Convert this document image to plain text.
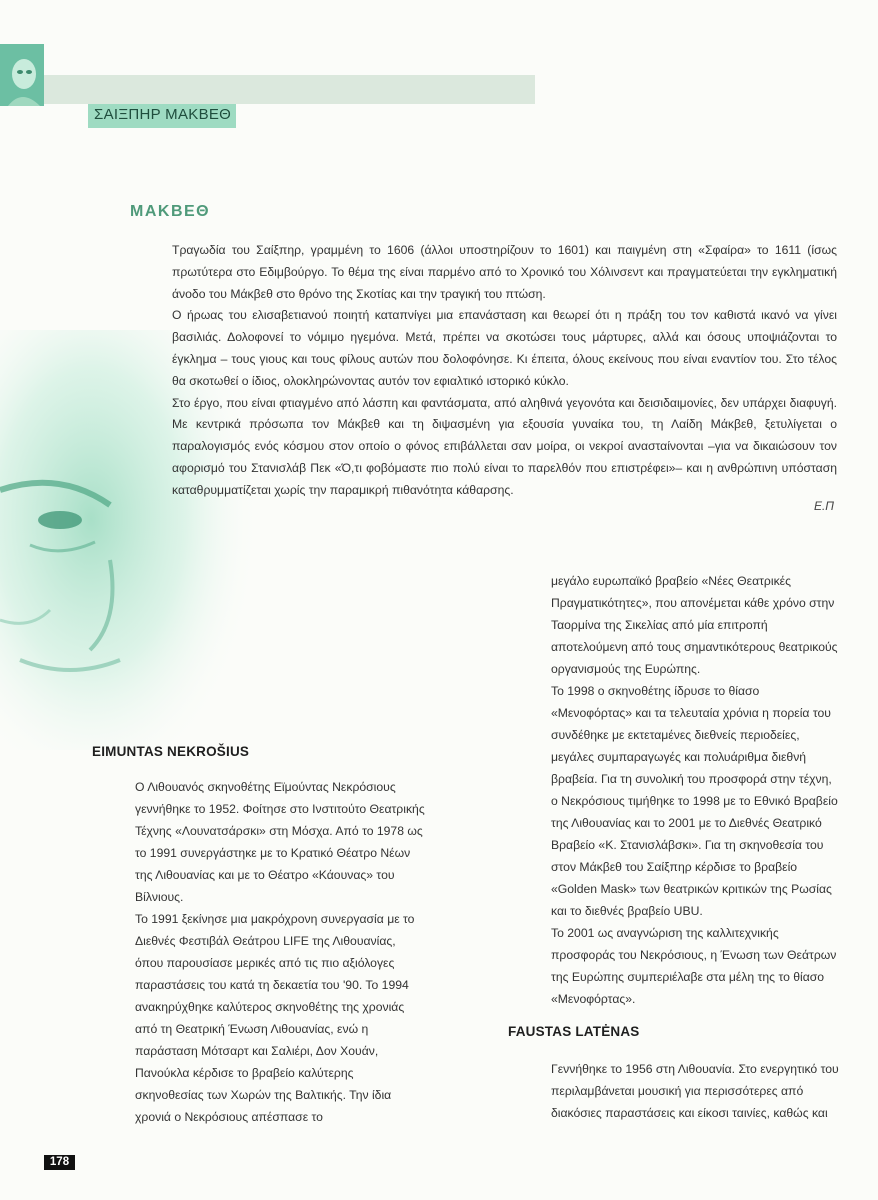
ΣΑΙΞΠΗΡ ΜΑΚΒΕΘ
ΜΑΚΒΕΘ

Τραγωδία του Σαίξπηρ, γραμμένη το 1606 (άλλοι υποστηρίζουν το 1601) και παιγμένη στη «Σφαίρα» το 1611 (ίσως πρωτύτερα στο Εδιμβούργο. Το θέμα της είναι παρμένο από το Χρονικό του Χόλινσεντ και πραγματεύεται την εγκληματική άνοδο του Μάκβεθ στο θρόνο της Σκοτίας και την τραγική του πτώση.

Ο ήρωας του ελισαβετιανού ποιητή καταπνίγει μια επανάσταση και θεωρεί ότι η πράξη του τον καθιστά ικανό να γίνει βασιλιάς. Δολοφονεί το νόμιμο ηγεμόνα. Μετά, πρέπει να σκοτώσει τους μάρτυρες, αλλά και όσους υποψιάζονται το έγκλημα – τους γιους και τους φίλους αυτών που δολοφόνησε. Κι έπειτα, όλους εκείνους που είναι εναντίον του. Στο τέλος θα σκοτωθεί ο ίδιος, ολοκληρώνοντας αυτόν τον εφιαλτικό ιστορικό κύκλο.

Στο έργο, που είναι φτιαγμένο από λάσπη και φαντάσματα, από αληθινά γεγονότα και δεισιδαιμονίες, δεν υπάρχει διαφυγή. Με κεντρικά πρόσωπα τον Μάκβεθ και τη διψασμένη για εξουσία γυναίκα του, τη Λαίδη Μάκβεθ, ξετυλίγεται ο παραλογισμός ενός κόσμου στον οποίο ο φόνος επιβάλλεται σαν μοίρα, οι νεκροί ανασταίνονται –για να δικαιώσουν τον αφορισμό του Στανισλάβ Πεκ «Ό,τι φοβόμαστε πιο πολύ είναι το παρελθόν που επιστρέφει»– και η ανθρώπινη υπόσταση καταθρυμματίζεται χωρίς την παραμικρή πιθανότητα κάθαρσης.

Ε.Π
EIMUNTAS NEKROŠIUS

Ο Λιθουανός σκηνοθέτης Εϊμούντας Νεκρόσιους γεννήθηκε το 1952. Φοίτησε στο Ινστιτούτο Θεατρικής Τέχνης «Λουνατσάρσκι» στη Μόσχα. Από το 1978 ως το 1991 συνεργάστηκε με το Κρατικό Θέατρο Νέων της Λιθουανίας και με το Θέατρο «Κάουνας» του Βίλνιους.

Το 1991 ξεκίνησε μια μακρόχρονη συνεργασία με το Διεθνές Φεστιβάλ Θεάτρου LIFE της Λιθουανίας, όπου παρουσίασε μερικές από τις πιο αξιόλογες παραστάσεις του κατά τη δεκαετία του '90. Το 1994 ανακηρύχθηκε καλύτερος σκηνοθέτης της χρονιάς από τη Θεατρική Ένωση Λιθουανίας, ενώ η παράσταση Μότσαρτ και Σαλιέρι, Δον Χουάν, Πανούκλα κέρδισε το βραβείο καλύτερης σκηνοθεσίας των Χωρών της Βαλτικής. Την ίδια χρονιά ο Νεκρόσιους απέσπασε το

μεγάλο ευρωπαϊκό βραβείο «Νέες Θεατρικές Πραγματικότητες», που απονέμεται κάθε χρόνο στην Ταορμίνα της Σικελίας από μία επιτροπή αποτελούμενη από τους σημαντικότερους θεατρικούς οργανισμούς της Ευρώπης.

Το 1998 ο σκηνοθέτης ίδρυσε το θίασο «Μενοφόρτας» και τα τελευταία χρόνια η πορεία του συνδέθηκε με εκτεταμένες διεθνείς περιοδείες, μεγάλες συμπαραγωγές και πολυάριθμα διεθνή βραβεία. Για τη συνολική του προσφορά στην τέχνη, ο Νεκρόσιους τιμήθηκε το 1998 με το Εθνικό Βραβείο της Λιθουανίας και το 2001 με το Διεθνές Θεατρικό Βραβείο «Κ. Στανισλάβσκι». Για τη σκηνοθεσία του στον Μάκβεθ του Σαίξπηρ κέρδισε το βραβείο «Golden Mask» των θεατρικών κριτικών της Ρωσίας και το διεθνές βραβείο UBU.

Το 2001 ως αναγνώριση της καλλιτεχνικής προσφοράς του Νεκρόσιους, η Ένωση των Θεάτρων της Ευρώπης συμπεριέλαβε στα μέλη της το θίασο «Μενοφόρτας».

FAUSTAS LATĖNAS

Γεννήθηκε το 1956 στη Λιθουανία. Στο ενεργητικό του περιλαμβάνεται μουσική για περισσότερες από διακόσιες παραστάσεις και είκοσι ταινίες, καθώς και

178
